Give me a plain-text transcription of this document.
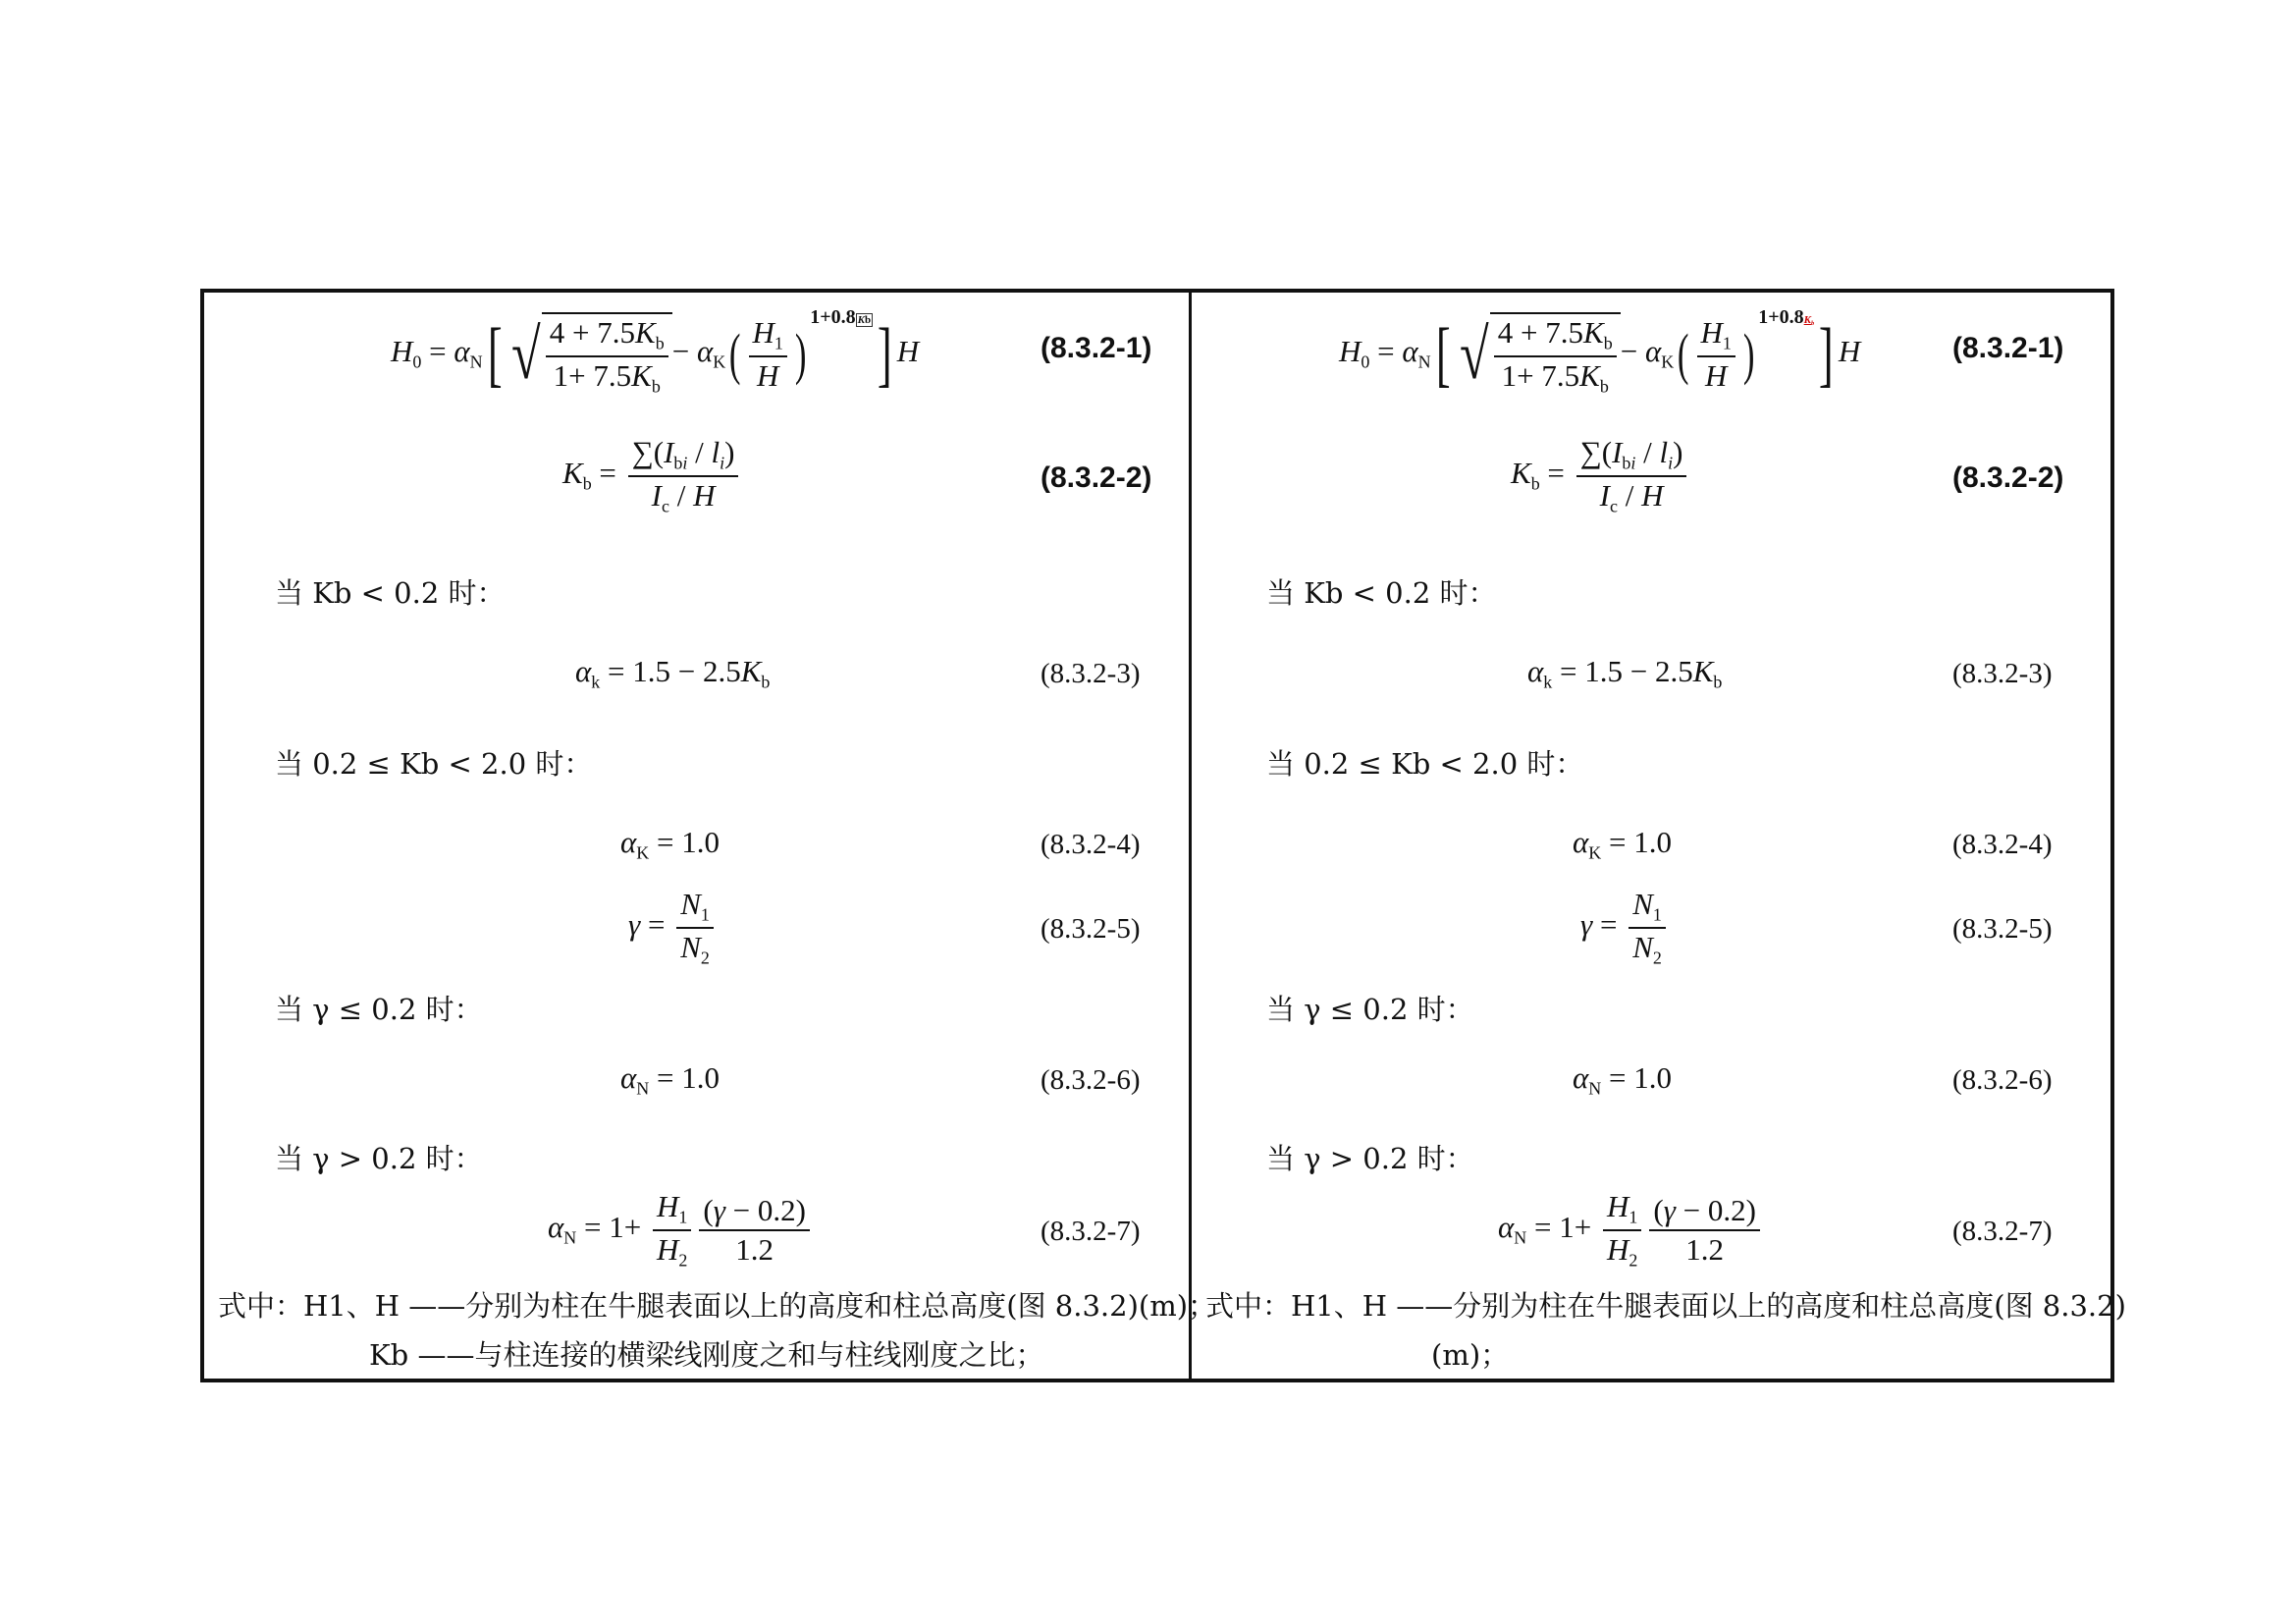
$H_0 = \alpha_N$[ √ $\frac{4 + 7.5K_b}{1+ 7.5K_b} - \alpha_K( \frac{H_1}{H} )1+0.8$ Kb] H	(8.3.2-1)
$K_b = \frac{\sum(I_{bi} / l_i)}{I_c / H}$	(8.3.2-2)
当 Kb < 0.2 时：
$\alpha_k = 1.5 - 2.5K_b$	(8.3.2-3)
当 0.2 ≤ Kb < 2.0 时：
$\alpha_K = 1.0$	(8.3.2-4)
$\gamma = \frac{N_1}{N_2}$	(8.3.2-5)
当 γ ≤ 0.2 时：
$\alpha_N = 1.0$	(8.3.2-6)
当 γ > 0.2 时：
$\alpha_N = 1+ \frac{H_1}{H_2} \frac{(\gamma - 0.2)}{1.2}$	(8.3.2-7)
式中：H1、H ——分别为柱在牛腿表面以上的高度和柱总高度(图 8.3.2)(m)；
Kb ——与柱连接的横梁线刚度之和与柱线刚度之比；
$H_0 = \alpha_N$[ √ $\frac{4 + 7.5K_b}{1+ 7.5K_b} - \alpha_K( \frac{H_1}{H} )1+0.8K_b$] H	(8.3.2-1)
$K_b = \frac{\sum(I_{bi} / l_i)}{I_c / H}$	(8.3.2-2)
当 Kb < 0.2 时：
$\alpha_k = 1.5 - 2.5K_b$	(8.3.2-3)
当 0.2 ≤ Kb < 2.0 时：
$\alpha_K = 1.0$	(8.3.2-4)
$\gamma = \frac{N_1}{N_2}$	(8.3.2-5)
当 γ ≤ 0.2 时：
$\alpha_N = 1.0$	(8.3.2-6)
当 γ > 0.2 时：
$\alpha_N = 1+ \frac{H_1}{H_2} \frac{(\gamma - 0.2)}{1.2}$	(8.3.2-7)
式中：H1、H ——分别为柱在牛腿表面以上的高度和柱总高度(图 8.3.2)
(m)；
